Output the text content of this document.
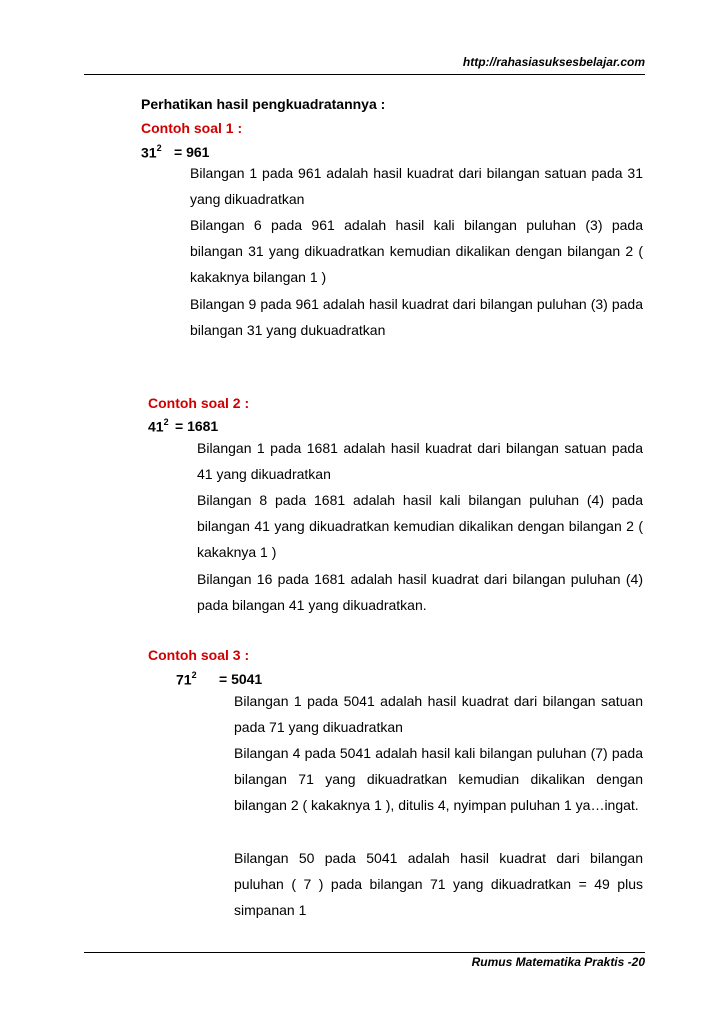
http://rahasiasuksesbelajar.com
Perhatikan hasil pengkuadratannya :
Contoh soal 1 :
$31^2 = 961$

Bilangan 1 pada 961 adalah hasil kuadrat dari bilangan satuan pada 31 yang dikuadratkan

Bilangan 6 pada 961 adalah hasil kali bilangan puluhan (3) pada bilangan 31 yang dikuadratkan kemudian dikalikan dengan bilangan 2 ( kakaknya bilangan 1 )

Bilangan 9 pada 961 adalah hasil kuadrat dari bilangan puluhan (3) pada bilangan 31 yang dukuadratkan

Contoh soal 2 :
$41^2 = 1681$

Bilangan 1 pada 1681 adalah hasil kuadrat dari bilangan satuan pada 41 yang dikuadratkan

Bilangan 8 pada 1681 adalah hasil kali bilangan puluhan (4) pada bilangan 41 yang dikuadratkan kemudian dikalikan dengan bilangan 2 ( kakaknya 1 )

Bilangan 16 pada 1681 adalah hasil kuadrat dari bilangan puluhan (4) pada bilangan 41 yang dikuadratkan.

Contoh soal 3 :
$71^2 = 5041$

Bilangan 1 pada 5041 adalah hasil kuadrat dari bilangan satuan pada 71 yang dikuadratkan

Bilangan 4 pada 5041 adalah hasil kali bilangan puluhan (7) pada bilangan 71 yang dikuadratkan kemudian dikalikan dengan bilangan 2 ( kakaknya 1 ), ditulis 4, nyimpan puluhan 1 ya…ingat.

Bilangan 50 pada 5041 adalah hasil kuadrat dari bilangan puluhan ( 7 ) pada bilangan 71 yang dikuadratkan = 49 plus simpanan 1

Rumus Matematika Praktis -20
